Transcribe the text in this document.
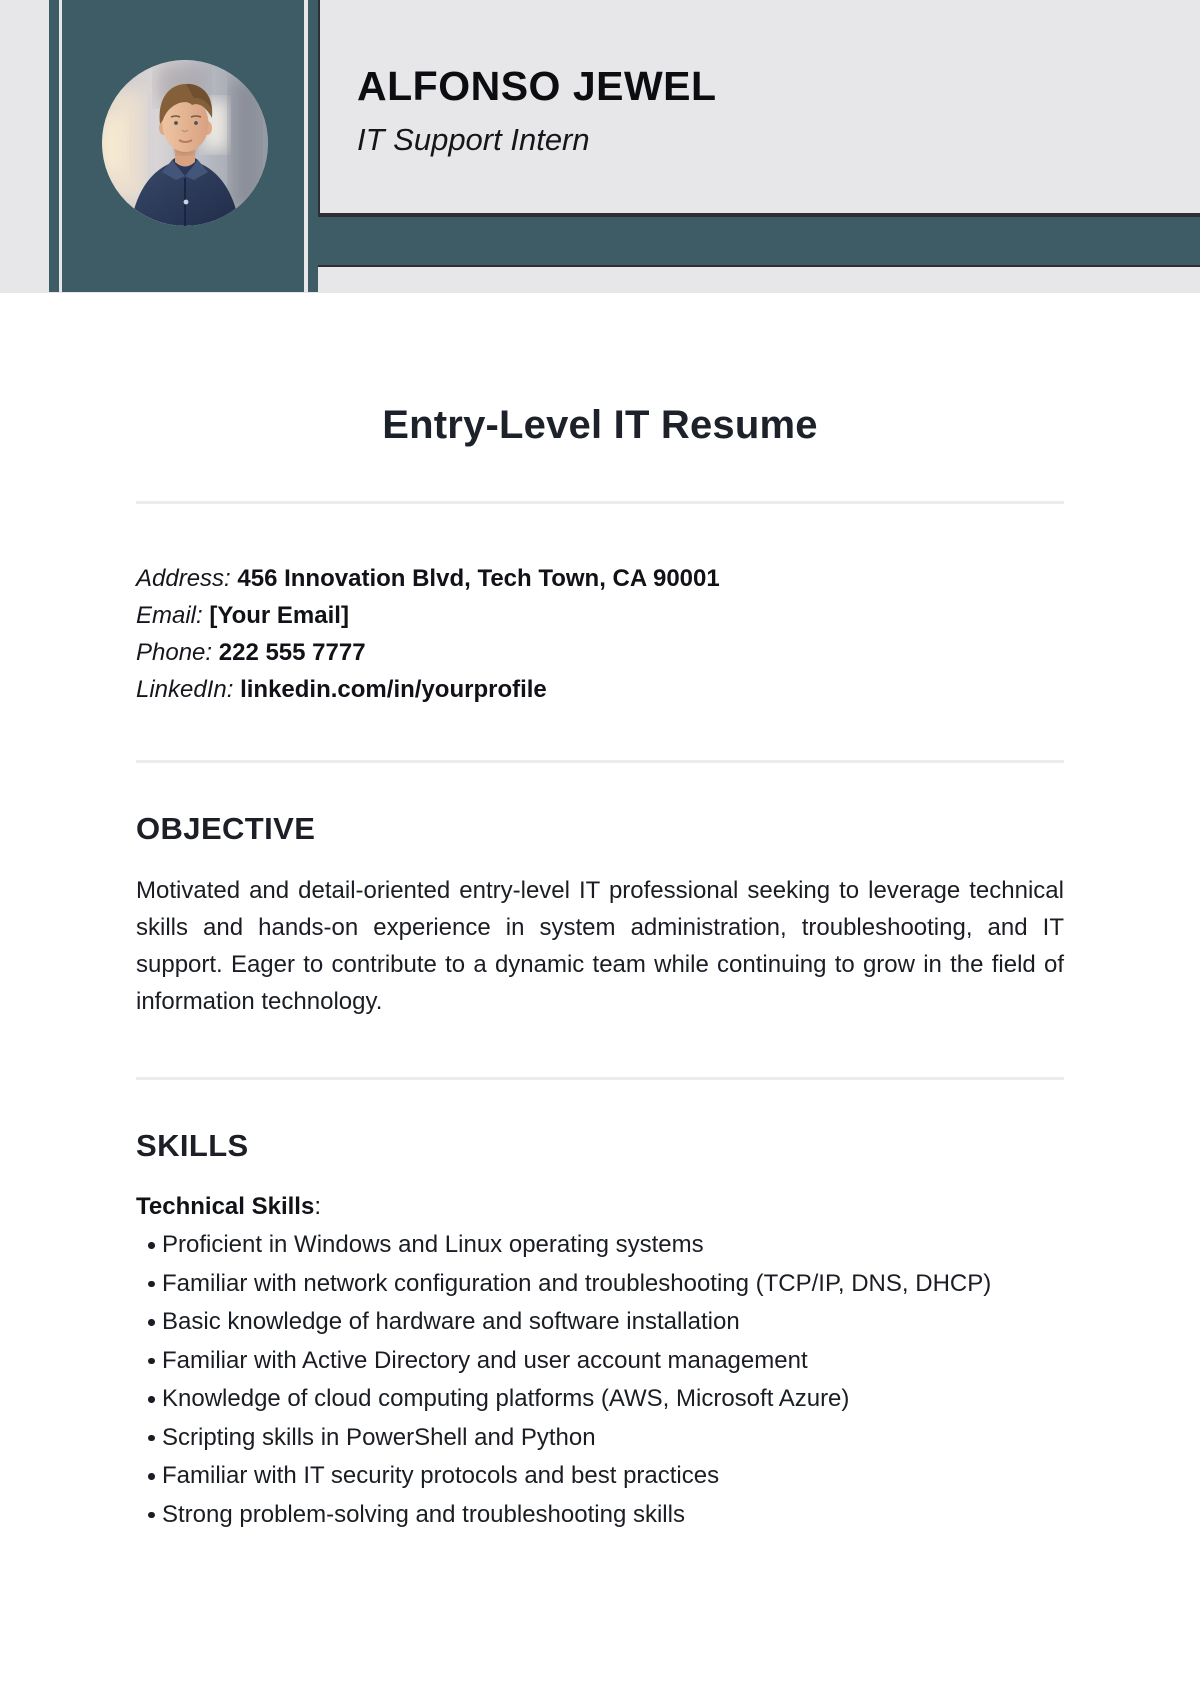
ALFONSO JEWEL
IT Support Intern
Entry-Level IT Resume
Address: 456 Innovation Blvd, Tech Town, CA 90001
Email: [Your Email]
Phone: 222 555 7777
LinkedIn: linkedin.com/in/yourprofile
OBJECTIVE

Motivated and detail-oriented entry-level IT professional seeking to leverage technical skills and hands-on experience in system administration, troubleshooting, and IT support. Eager to contribute to a dynamic team while continuing to grow in the field of information technology.

SKILLS
Technical Skills:
Proficient in Windows and Linux operating systems
Familiar with network configuration and troubleshooting (TCP/IP, DNS, DHCP)
Basic knowledge of hardware and software installation
Familiar with Active Directory and user account management
Knowledge of cloud computing platforms (AWS, Microsoft Azure)
Scripting skills in PowerShell and Python
Familiar with IT security protocols and best practices
Strong problem-solving and troubleshooting skills
